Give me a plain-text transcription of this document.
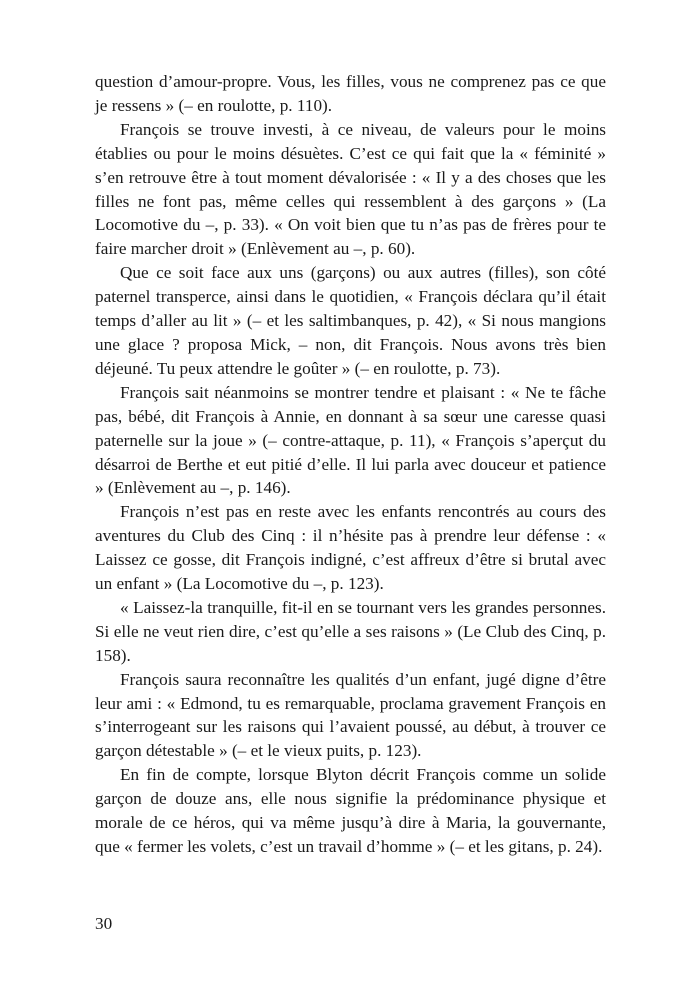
question d’amour-propre. Vous, les filles, vous ne comprenez pas ce que je ressens » (– en roulotte, p. 110).

François se trouve investi, à ce niveau, de valeurs pour le moins établies ou pour le moins désuètes. C’est ce qui fait que la « féminité » s’en retrouve être à tout moment dévalorisée : « Il y a des choses que les filles ne font pas, même celles qui ressemblent à des garçons » (La Locomotive du –, p. 33). « On voit bien que tu n’as pas de frères pour te faire marcher droit » (Enlèvement au –, p. 60).

Que ce soit face aux uns (garçons) ou aux autres (filles), son côté paternel transperce, ainsi dans le quotidien, « François déclara qu’il était temps d’aller au lit » (– et les saltimbanques, p. 42), « Si nous mangions une glace ? proposa Mick, – non, dit François. Nous avons très bien déjeuné. Tu peux attendre le goûter » (– en roulotte, p. 73).

François sait néanmoins se montrer tendre et plaisant : « Ne te fâche pas, bébé, dit François à Annie, en donnant à sa sœur une caresse quasi paternelle sur la joue » (– contre-attaque, p. 11), « François s’aperçut du désarroi de Berthe et eut pitié d’elle. Il lui parla avec douceur et patience » (Enlèvement au –, p. 146).

François n’est pas en reste avec les enfants rencontrés au cours des aventures du Club des Cinq : il n’hésite pas à prendre leur défense : « Laissez ce gosse, dit François indigné, c’est affreux d’être si brutal avec un enfant » (La Locomotive du –, p. 123).

« Laissez-la tranquille, fit-il en se tournant vers les grandes personnes. Si elle ne veut rien dire, c’est qu’elle a ses raisons » (Le Club des Cinq, p. 158).

François saura reconnaître les qualités d’un enfant, jugé digne d’être leur ami : « Edmond, tu es remarquable, proclama gravement François en s’interrogeant sur les raisons qui l’avaient poussé, au début, à trouver ce garçon détestable » (– et le vieux puits, p. 123).

En fin de compte, lorsque Blyton décrit François comme un solide garçon de douze ans, elle nous signifie la prédominance physique et morale de ce héros, qui va même jusqu’à dire à Maria, la gouvernante, que « fermer les volets, c’est un travail d’homme » (– et les gitans, p. 24).

30
